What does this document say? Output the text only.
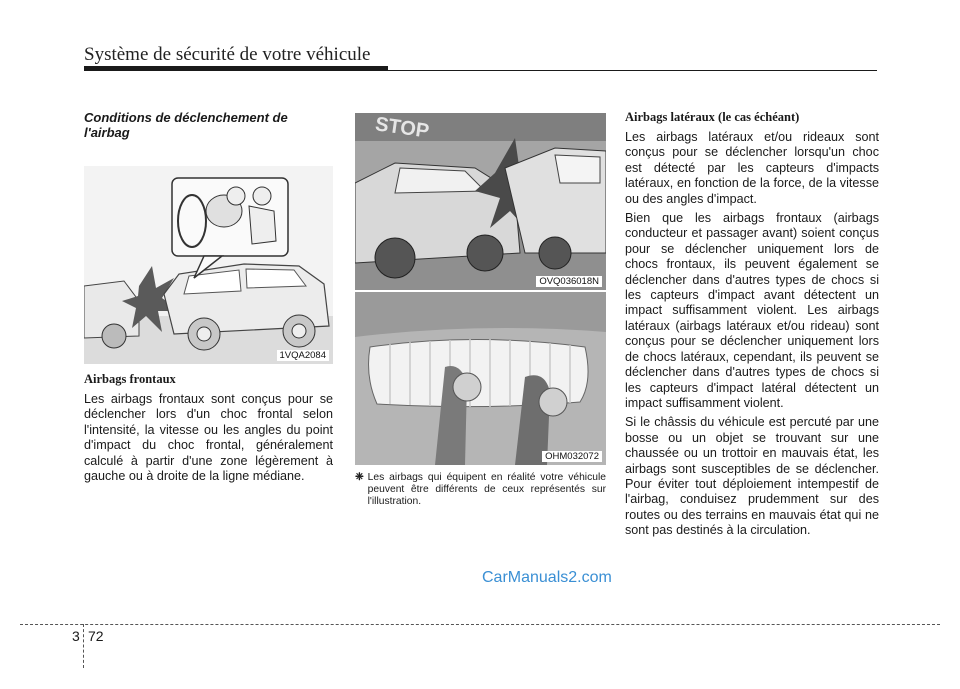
Système de sécurité de votre véhicule

Conditions de déclenchement de l'airbag

1VQA2084

Airbags frontaux

Les airbags frontaux sont conçus pour se déclencher lors d'un choc frontal selon l'intensité, la vitesse ou les angles du point d'impact du choc frontal, généralement calculé à partir d'une zone légèrement à gauche ou à droite de la ligne médiane.

STOP
OVQ036018N
OHM032072
❈ Les airbags qui équipent en réalité votre véhicule peuvent être différents de ceux représentés sur l'illustration.

Airbags latéraux (le cas échéant)

Les airbags latéraux et/ou rideaux sont conçus pour se déclencher lorsqu'un choc est détecté par les capteurs d'impacts latéraux, en fonction de la force, de la vitesse ou des angles d'impact.

Bien que les airbags frontaux (airbags conducteur et passager avant) soient conçus pour se déclencher uniquement lors de chocs frontaux, ils peuvent également se déclencher dans d'autres types de chocs si les capteurs d'impact avant détectent un impact suffisamment violent. Les airbags latéraux (airbags latéraux et/ou rideau) sont conçus pour se déclencher uniquement lors de chocs latéraux, cependant, ils peuvent se déclencher dans d'autres types de chocs si les capteurs d'impact latéral détectent un impact suffisamment violent.

Si le châssis du véhicule est percuté par une bosse ou un objet se trouvant sur une chaussée ou un trottoir en mauvais état, les airbags sont susceptibles de se déclencher. Pour éviter tout déploiement intempestif de l'airbag, conduisez prudemment sur des routes ou des terrains en mauvais état qui ne sont pas destinés à la circulation.

CarManuals2.com
3 72
